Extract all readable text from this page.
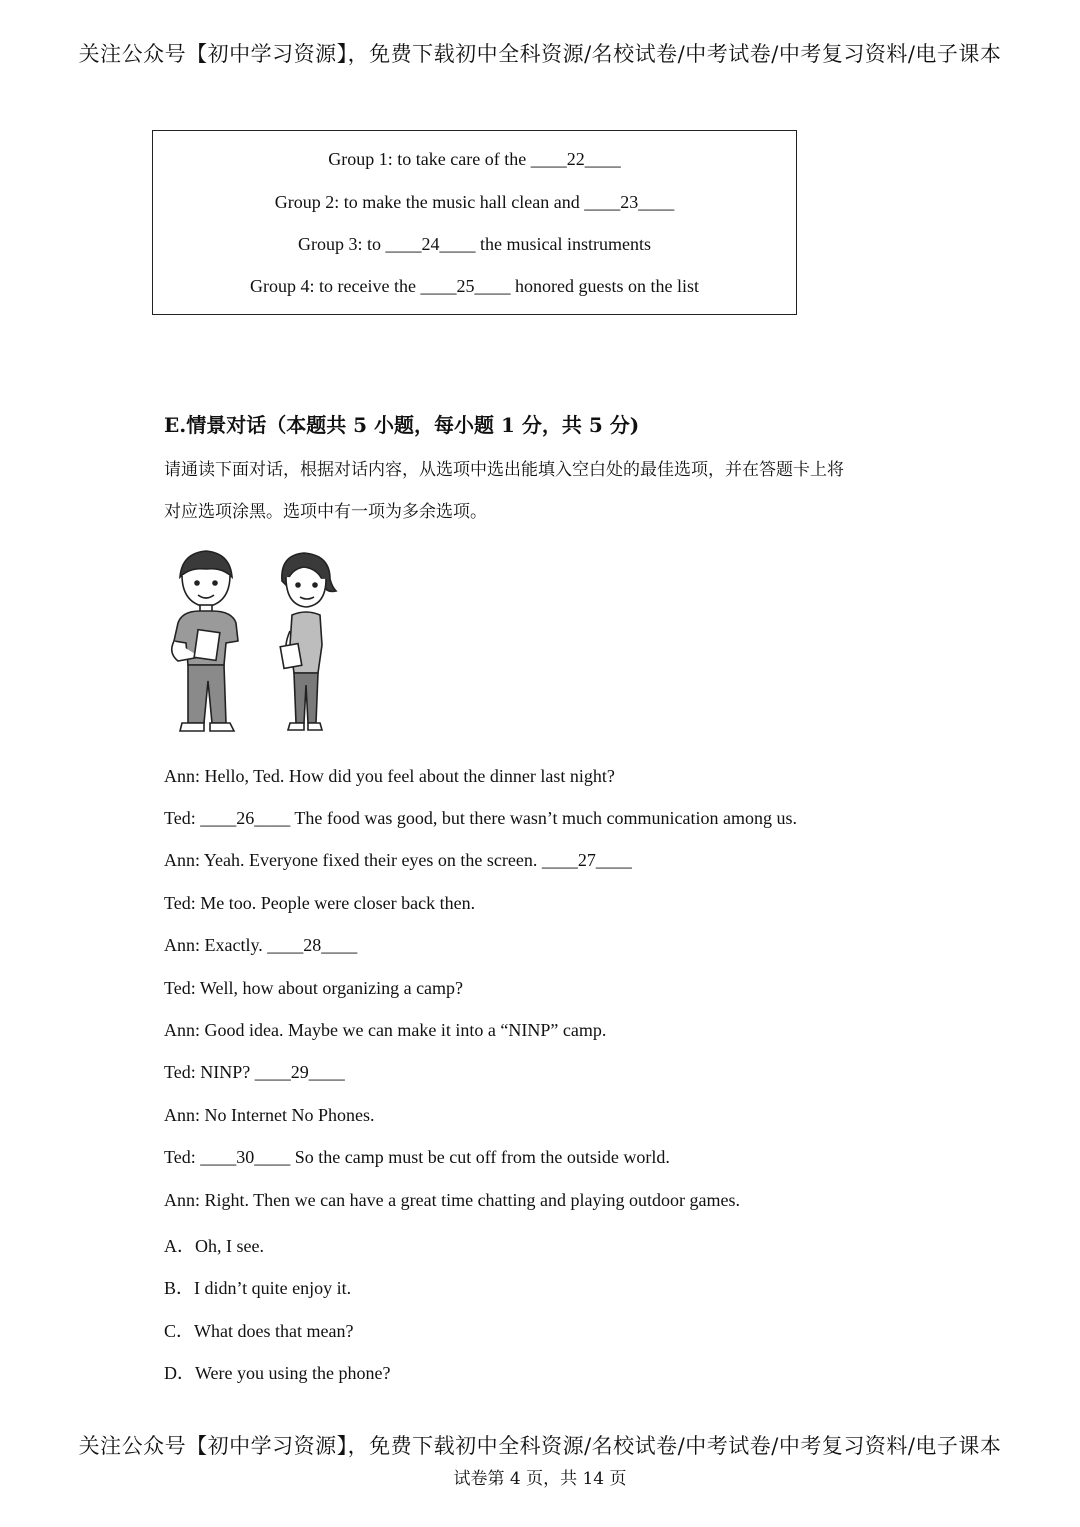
关注公众号【初中学习资源】，免费下载初中全科资源/名校试卷/中考试卷/中考复习资料/电子课本
Group 1: to take care of the ____22____
Group 2: to make the music hall clean and ____23____
Group 3: to ____24____ the musical instruments
Group 4: to receive the ____25____ honored guests on the list
E.情景对话（本题共 5 小题，每小题 1 分，共 5 分)
请通读下面对话，根据对话内容，从选项中选出能填入空白处的最佳选项，并在答题卡上将
对应选项涂黑。选项中有一项为多余选项。
Ann: Hello, Ted. How did you feel about the dinner last night?
Ted: ____26____ The food was good, but there wasn’t much communication among us.
Ann: Yeah. Everyone fixed their eyes on the screen. ____27____
Ted: Me too. People were closer back then.
Ann: Exactly. ____28____
Ted: Well, how about organizing a camp?
Ann: Good idea. Maybe we can make it into a “NINP” camp.
Ted: NINP? ____29____
Ann: No Internet No Phones.
Ted: ____30____ So the camp must be cut off from the outside world.
Ann: Right. Then we can have a great time chatting and playing outdoor games.
A．Oh, I see.
B．I didn’t quite enjoy it.
C．What does that mean?
D．Were you using the phone?
关注公众号【初中学习资源】，免费下载初中全科资源/名校试卷/中考试卷/中考复习资料/电子课本
试卷第 4 页，共 14 页
